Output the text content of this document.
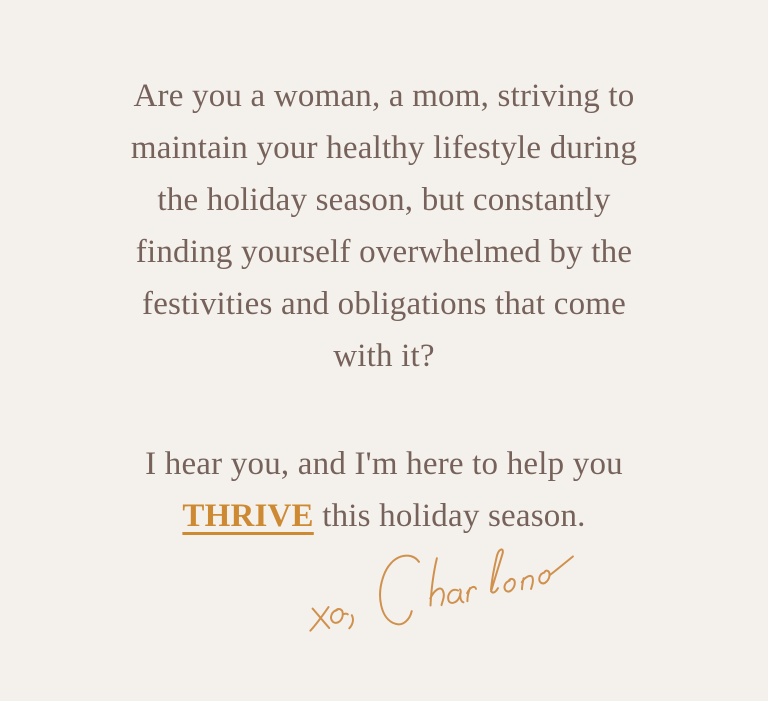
Are you a woman, a mom, striving to
maintain your healthy lifestyle during
the holiday season, but constantly
finding yourself overwhelmed by the
festivities and obligations that come
with it?

I hear you, and I'm here to help you
THRIVE this holiday season.
